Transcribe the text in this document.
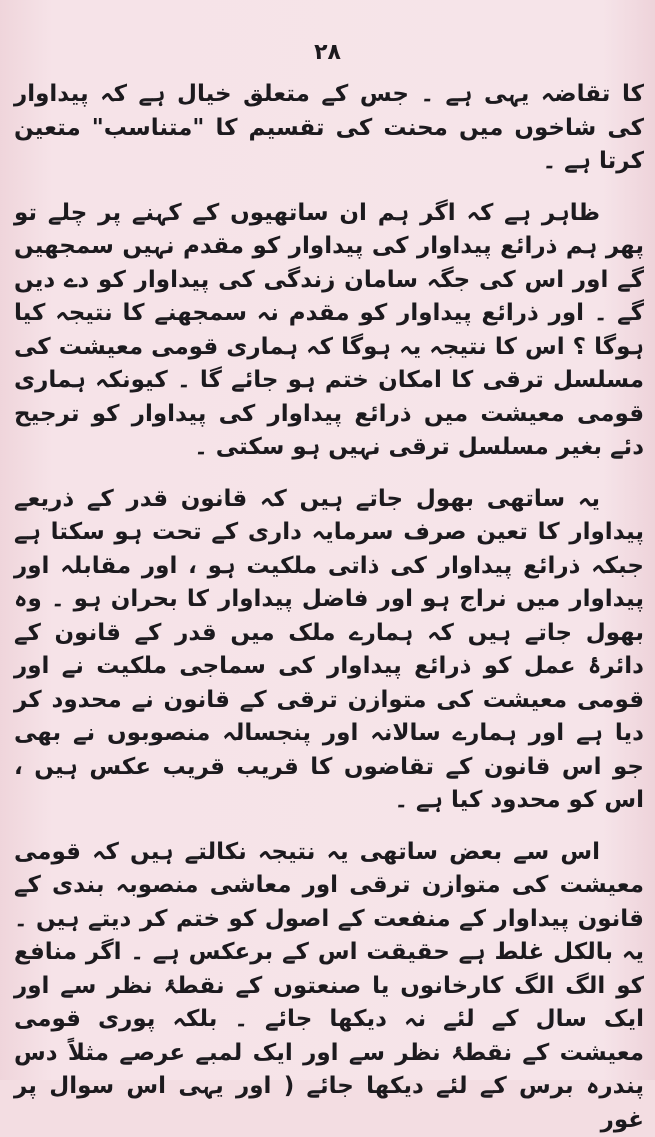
۲۸

کا تقاضہ یہی ہے ۔ جس کے متعلق خیال ہے کہ پیداوار کی شاخوں میں محنت کی تقسیم کا "متناسب" متعین کرتا ہے ۔

ظاہر ہے کہ اگر ہم ان ساتھیوں کے کہنے پر چلے تو پھر ہم ذرائع پیداوار کی پیداوار کو مقدم نہیں سمجھیں گے اور اس کی جگہ سامان زندگی کی پیداوار کو دے دیں گے ۔ اور ذرائع پیداوار کو مقدم نہ سمجھنے کا نتیجہ کیا ہوگا ؟ اس کا نتیجہ یہ ہوگا کہ ہماری قومی معیشت کی مسلسل ترقی کا امکان ختم ہو جائے گا ۔ کیونکہ ہماری قومی معیشت میں ذرائع پیداوار کی پیداوار کو ترجیح دئے بغیر مسلسل ترقی نہیں ہو سکتی ۔

یہ ساتھی بھول جاتے ہیں کہ قانون قدر کے ذریعے پیداوار کا تعین صرف سرمایہ داری کے تحت ہو سکتا ہے جبکہ ذرائع پیداوار کی ذاتی ملکیت ہو ، اور مقابلہ اور پیداوار میں نراج ہو اور فاضل پیداوار کا بحران ہو ۔ وہ بھول جاتے ہیں کہ ہمارے ملک میں قدر کے قانون کے دائرۂ عمل کو ذرائع پیداوار کی سماجی ملکیت نے اور قومی معیشت کی متوازن ترقی کے قانون نے محدود کر دیا ہے اور ہمارے سالانہ اور پنجسالہ منصوبوں نے بھی جو اس قانون کے تقاضوں کا قریب قریب عکس ہیں ، اس کو محدود کیا ہے ۔

اس سے بعض ساتھی یہ نتیجہ نکالتے ہیں کہ قومی معیشت کی متوازن ترقی اور معاشی منصوبہ بندی کے قانون پیداوار کے منفعت کے اصول کو ختم کر دیتے ہیں ۔ یہ بالکل غلط ہے حقیقت اس کے برعکس ہے ۔ اگر منافع کو الگ الگ کارخانوں یا صنعتوں کے نقطۂ نظر سے اور ایک سال کے لئے نہ دیکھا جائے ۔ بلکہ پوری قومی معیشت کے نقطۂ نظر سے اور ایک لمبے عرصے مثلاً دس پندرہ برس کے لئے دیکھا جائے ( اور یہی اس سوال پر غور
